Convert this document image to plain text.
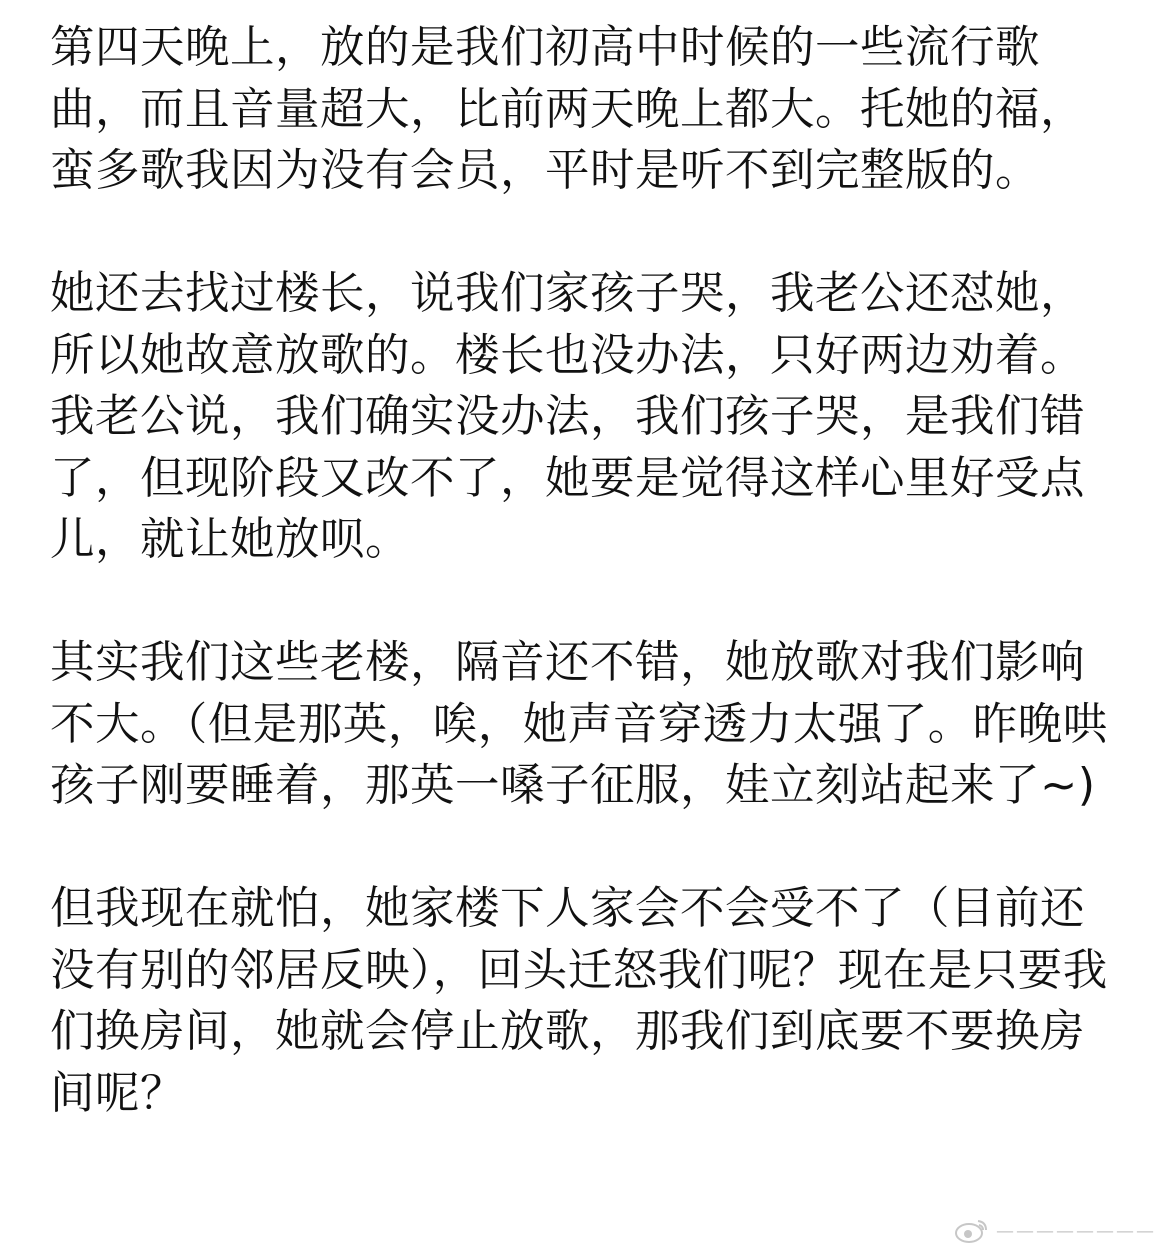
第四天晚上，放的是我们初高中时候的一些流行歌曲，而且音量超大，比前两天晚上都大。托她的福，蛮多歌我因为没有会员，平时是听不到完整版的。

她还去找过楼长，说我们家孩子哭，我老公还怼她，所以她故意放歌的。楼长也没办法，只好两边劝着。我老公说，我们确实没办法，我们孩子哭，是我们错了，但现阶段又改不了，她要是觉得这样心里好受点儿，就让她放呗。

其实我们这些老楼，隔音还不错，她放歌对我们影响不大。（但是那英，唉，她声音穿透力太强了。昨晚哄孩子刚要睡着，那英一嗓子征服，娃立刻站起来了~)

但我现在就怕，她家楼下人家会不会受不了（目前还没有别的邻居反映），回头迁怒我们呢？现在是只要我们换房间，她就会停止放歌，那我们到底要不要换房间呢？

————————
